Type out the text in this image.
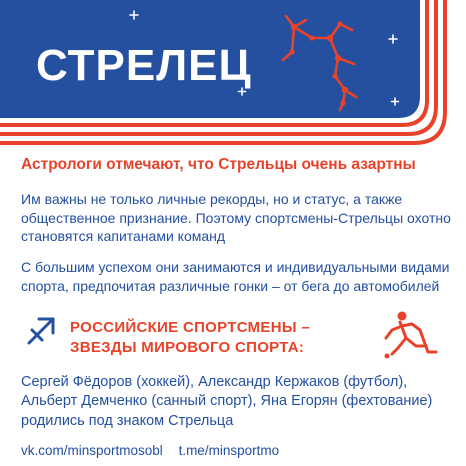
СТРЕЛЕЦ
Астрологи отмечают, что Стрельцы очень азартны
Им важны не только личные рекорды, но и статус, а также общественное признание. Поэтому спортсмены-Стрельцы охотно становятся капитанами команд
С большим успехом они занимаются и индивидуальными видами спорта, предпочитая различные гонки – от бега до автомобилей
РОССИЙСКИЕ СПОРТСМЕНЫ – ЗВЕЗДЫ МИРОВОГО СПОРТА:
Сергей Фёдоров (хоккей), Александр Кержаков (футбол), Альберт Демченко (санный спорт), Яна Егорян (фехтование) родились под знаком Стрельца
vk.com/minsportmosobl t.me/minsportmo
